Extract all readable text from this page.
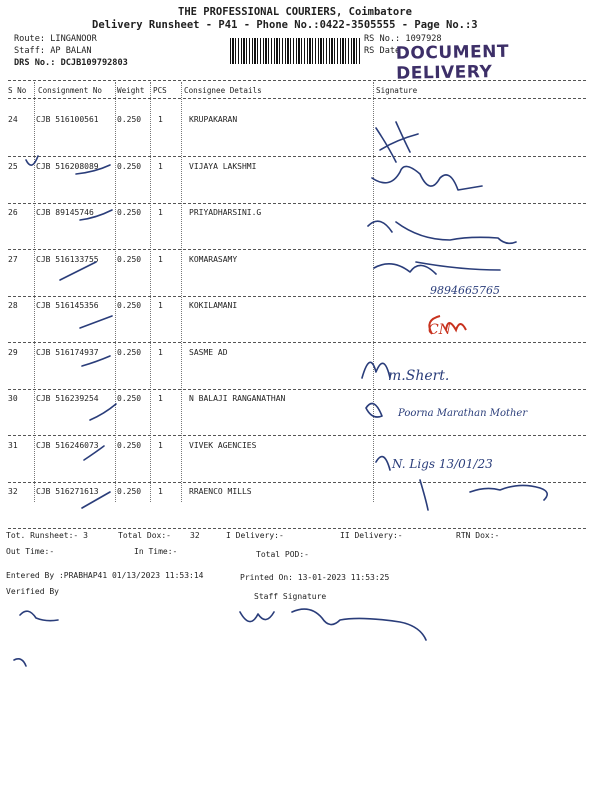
THE PROFESSIONAL COURIERS, Coimbatore
Delivery Runsheet - P41 - Phone No.:0422-3505555 - Page No.:3
Route: LINGANOOR
Staff: AP BALAN
DRS No.: DCJB109792803
RS No.: 1097928
RS Date
DOCUMENT DELIVERY
S No Consignment No Weight PCS Consignee Details	Signature
24 CJB 516100561 0.250 1	KRUPAKARAN
25 CJB 516208089 0.250 1	VIJAYA LAKSHMI
26 CJB 89145746	0.250 1	PRIYADHARSINI.G
27 CJB 516133755 0.250 1	KOMARASAMY
28 CJB 516145356 0.250 1	KOKILAMANI
29 CJB 516174937 0.250 1	SASME AD
30 CJB 516239254 0.250 1	N BALAJI RANGANATHAN
31 CJB 516246073 0.250 1	VIVEK AGENCIES
32 CJB 516271613 0.250 1	RRAENCO MILLS
Tot. Runsheet:- 3	Total Dox:- 32	I Delivery:-	II Delivery:-	RTN Dox:-
Out Time:-	In Time:-	Total POD:-
Entered By :PRABHAP41 01/13/2023 11:53:14	Printed On: 13-01-2023 11:53:25
Verified By
Staff Signature
m.Shert.
Poorna Marathan Mother
N. Ligs 13/01/23
9894665765
CN
